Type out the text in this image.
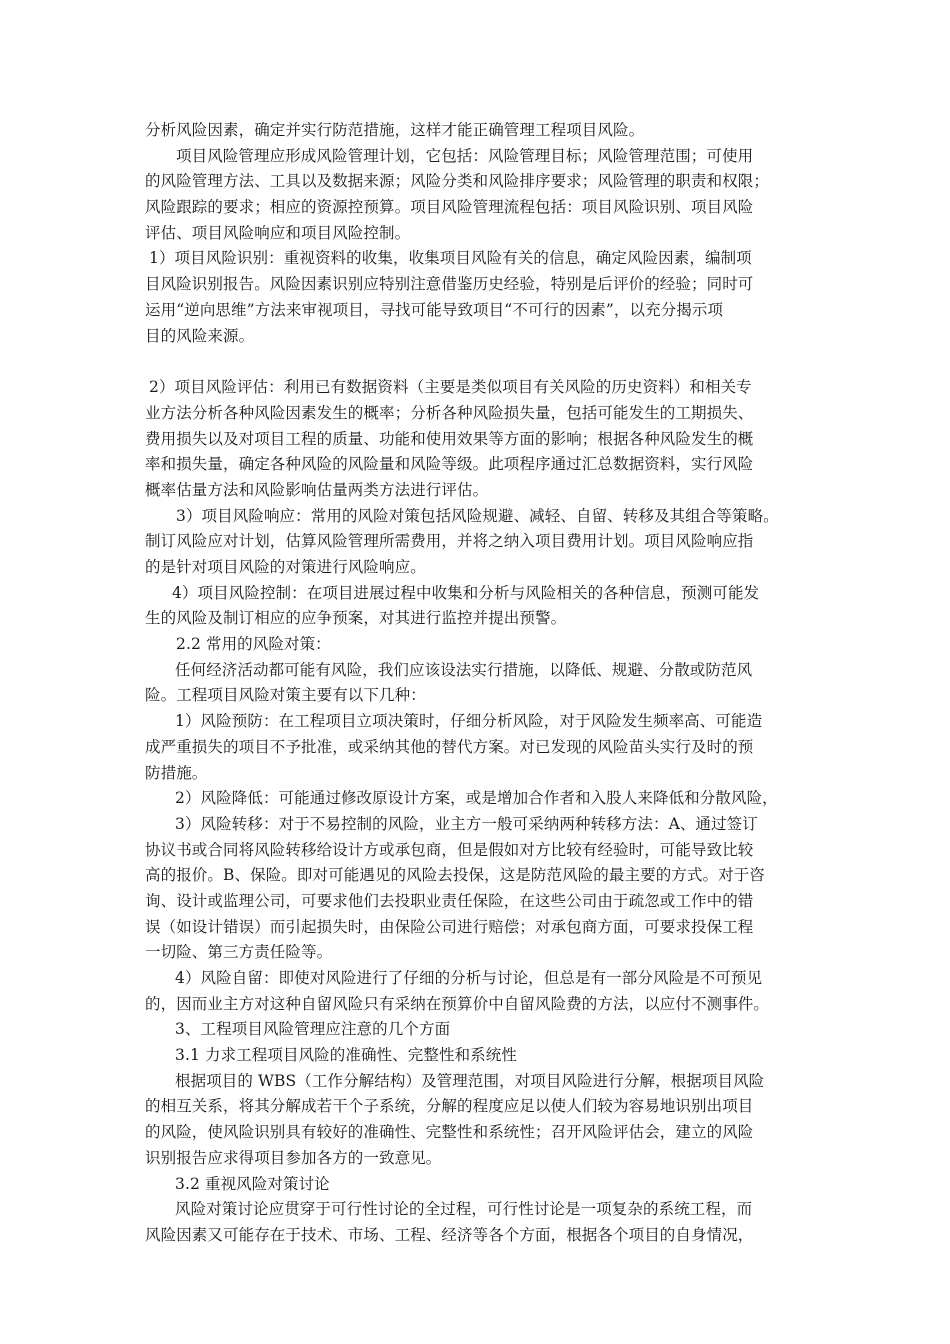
分析风险因素，确定并实行防范措施，这样才能正确管理工程项目风险。
项目风险管理应形成风险管理计划，它包括：风险管理目标；风险管理范围；可使用
的风险管理方法、工具以及数据来源；风险分类和风险排序要求；风险管理的职责和权限；
风险跟踪的要求；相应的资源控预算。项目风险管理流程包括：项目风险识别、项目风险
评估、项目风险响应和项目风险控制。
1）项目风险识别：重视资料的收集，收集项目风险有关的信息，确定风险因素，编制项
目风险识别报告。风险因素识别应特别注意借鉴历史经验，特别是后评价的经验；同时可
运用“逆向思维”方法来审视项目，寻找可能导致项目“不可行的因素”，以充分揭示项
目的风险来源。
2）项目风险评估：利用已有数据资料（主要是类似项目有关风险的历史资料）和相关专
业方法分析各种风险因素发生的概率；分析各种风险损失量，包括可能发生的工期损失、
费用损失以及对项目工程的质量、功能和使用效果等方面的影响；根据各种风险发生的概
率和损失量，确定各种风险的风险量和风险等级。此项程序通过汇总数据资料，实行风险
概率估量方法和风险影响估量两类方法进行评估。
3）项目风险响应：常用的风险对策包括风险规避、减轻、自留、转移及其组合等策略。
制订风险应对计划，估算风险管理所需费用，并将之纳入项目费用计划。项目风险响应指
的是针对项目风险的对策进行风险响应。
4）项目风险控制：在项目进展过程中收集和分析与风险相关的各种信息，预测可能发
生的风险及制订相应的应争预案，对其进行监控并提出预警。
2.2 常用的风险对策：
任何经济活动都可能有风险，我们应该设法实行措施，以降低、规避、分散或防范风
险。工程项目风险对策主要有以下几种：
1）风险预防：在工程项目立项决策时，仔细分析风险，对于风险发生频率高、可能造
成严重损失的项目不予批准，或采纳其他的替代方案。对已发现的风险苗头实行及时的预
防措施。
2）风险降低：可能通过修改原设计方案，或是增加合作者和入股人来降低和分散风险，
3）风险转移：对于不易控制的风险，业主方一般可采纳两种转移方法：A、通过签订
协议书或合同将风险转移给设计方或承包商，但是假如对方比较有经验时，可能导致比较
高的报价。B、保险。即对可能遇见的风险去投保，这是防范风险的最主要的方式。对于咨
询、设计或监理公司，可要求他们去投职业责任保险，在这些公司由于疏忽或工作中的错
误（如设计错误）而引起损失时，由保险公司进行赔偿；对承包商方面，可要求投保工程
一切险、第三方责任险等。
4）风险自留：即使对风险进行了仔细的分析与讨论，但总是有一部分风险是不可预见
的，因而业主方对这种自留风险只有采纳在预算价中自留风险费的方法，以应付不测事件。
3、工程项目风险管理应注意的几个方面
3.1 力求工程项目风险的准确性、完整性和系统性
根据项目的 WBS（工作分解结构）及管理范围，对项目风险进行分解，根据项目风险
的相互关系，将其分解成若干个子系统，分解的程度应足以使人们较为容易地识别出项目
的风险，使风险识别具有较好的准确性、完整性和系统性；召开风险评估会，建立的风险
识别报告应求得项目参加各方的一致意见。
3.2 重视风险对策讨论
风险对策讨论应贯穿于可行性讨论的全过程，可行性讨论是一项复杂的系统工程，而
风险因素又可能存在于技术、市场、工程、经济等各个方面，根据各个项目的自身情况，
